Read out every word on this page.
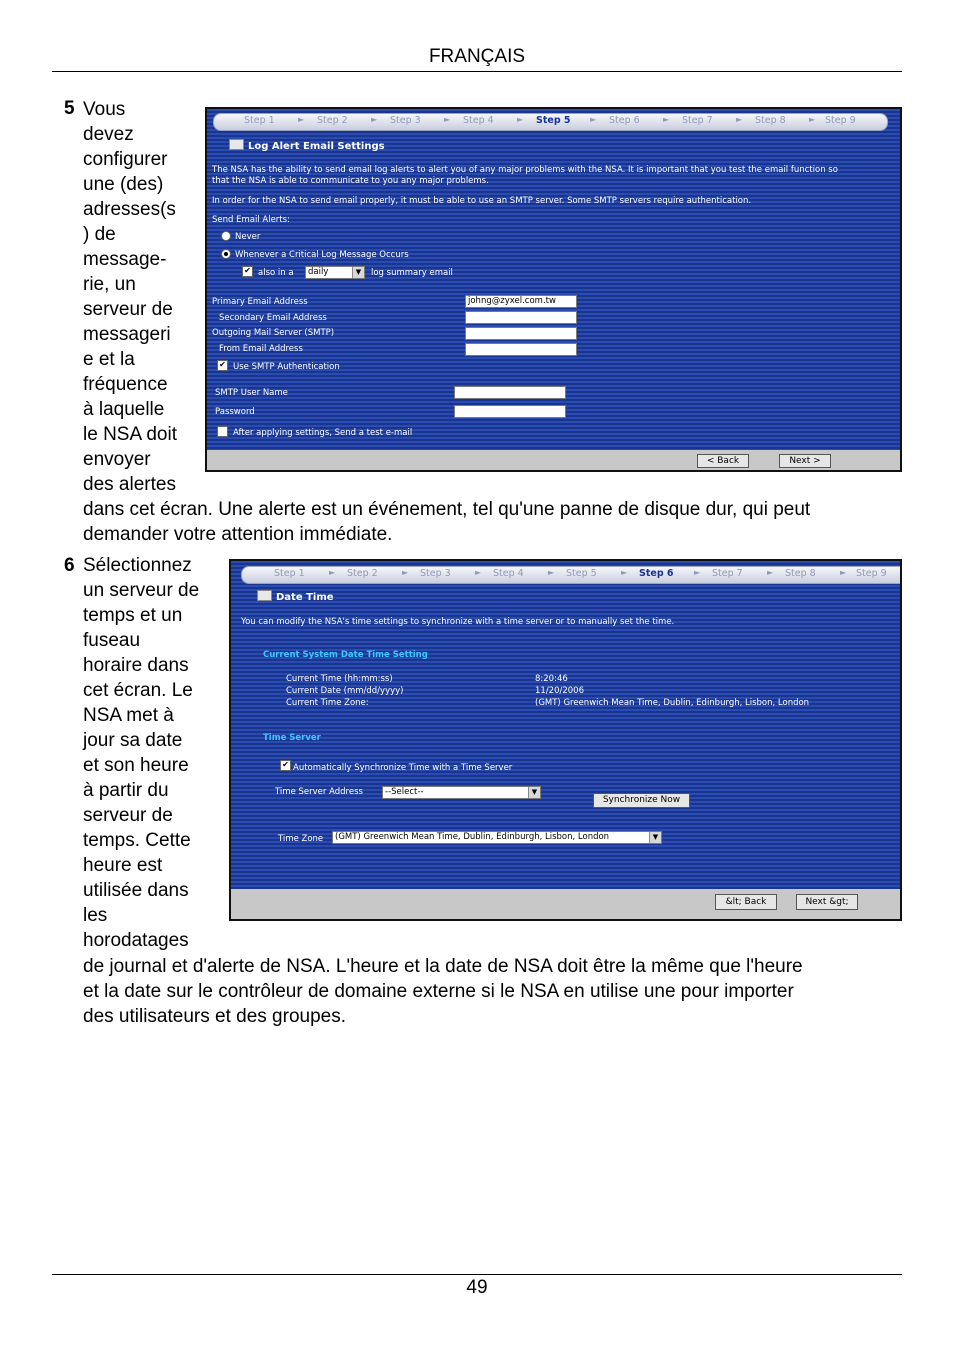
FRANÇAIS
5 Vous
devez
configurer
une (des)
adresses(s
) de
message-
rie, un
serveur de
messageri
e et la
fréquence
à laquelle
le NSA doit
envoyer
des alertes
dans cet écran. Une alerte est un événement, tel qu'une panne de disque dur, qui peut
demander votre attention immédiate.
Step 1	► Step 2	► Step 3	► Step 4	► Step 5 ► Step 6	► Step 7	► Step 8	► Step 9
Log Alert Email Settings
The NSA has the ability to send email log alerts to alert you of any major problems with the NSA. It is important that you test the email function so
that the NSA is able to communicate to you any major problems.
In order for the NSA to send email properly, it must be able to use an SMTP server. Some SMTP servers require authentication.
Send Email Alerts:
Never
Whenever a Critical Log Message Occurs
✔ also in a	daily	▼	log summary email
Primary Email Address	johng@zyxel.com.tw
Secondary Email Address
Outgoing Mail Server (SMTP)
From Email Address
✔ Use SMTP Authentication
SMTP User Name
Password
After applying settings, Send a test e-mail
< Back	Next >
6 Sélectionnez
un serveur de
temps et un
fuseau
horaire dans
cet écran. Le
NSA met à
jour sa date
et son heure
à partir du
serveur de
temps. Cette
heure est
utilisée dans
les
horodatages
de journal et d'alerte de NSA. L'heure et la date de NSA doit être la même que l'heure
et la date sur le contrôleur de domaine externe si le NSA en utilise une pour importer
des utilisateurs et des groupes.
Step 1	► Step 2	► Step 3	► Step 4	► Step 5	► Step 6	► Step 7	► Step 8	► Step 9
Date Time
You can modify the NSA's time settings to synchronize with a time server or to manually set the time.
Current System Date Time Setting
Current Time (hh:mm:ss)	8:20:46
Current Date (mm/dd/yyyy)	11/20/2006
Current Time Zone:	(GMT) Greenwich Mean Time, Dublin, Edinburgh, Lisbon, London
Time Server
✔ Automatically Synchronize Time with a Time Server
Time Server Address	--Select--	▼
Synchronize Now
Time Zone	(GMT) Greenwich Mean Time, Dublin, Edinburgh, Lisbon, London	▼
&lt; Back	Next &gt;
49
